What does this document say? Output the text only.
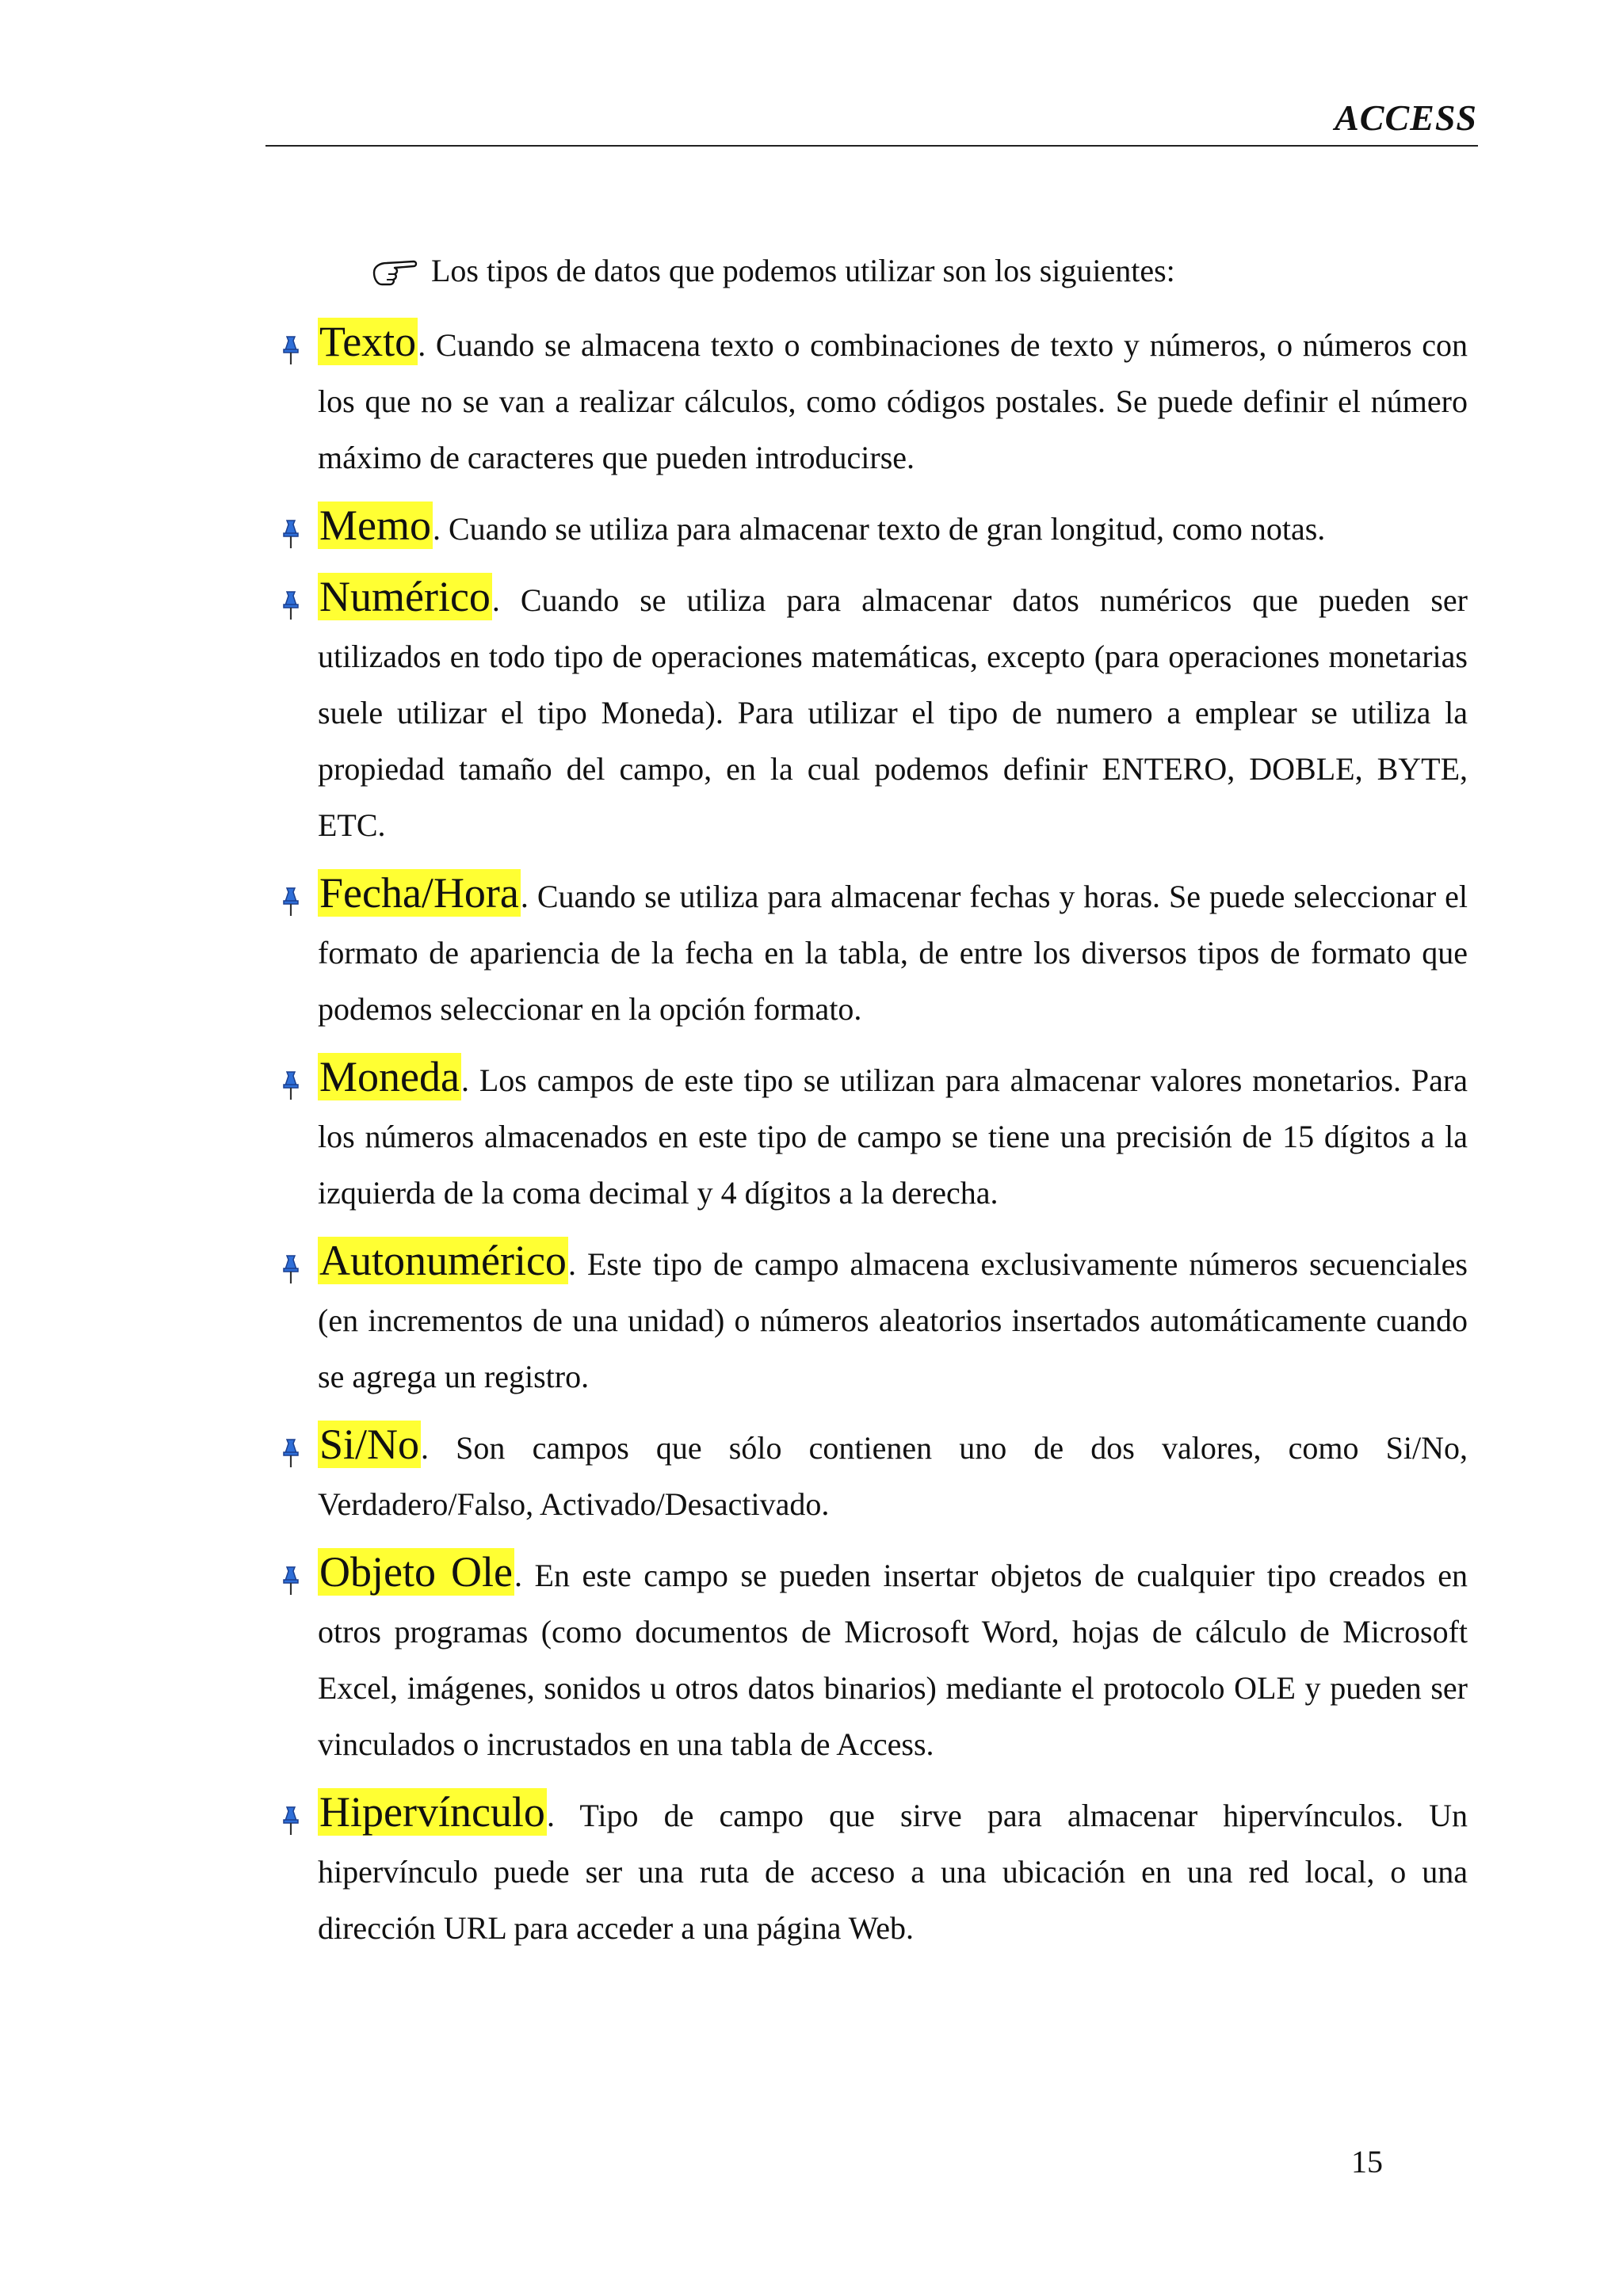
ACCESS
Los tipos de datos que podemos utilizar son los siguientes:
Texto. Cuando se almacena texto o combinaciones de texto y números, o números con los que no se van a realizar cálculos, como códigos postales. Se puede definir el número máximo de caracteres que pueden introducirse.
Memo. Cuando se utiliza para almacenar texto de gran longitud, como notas.
Numérico. Cuando se utiliza para almacenar datos numéricos que pueden ser utilizados en todo tipo de operaciones matemáticas, excepto (para operaciones monetarias suele utilizar el tipo Moneda). Para utilizar el tipo de numero a emplear se utiliza la propiedad tamaño del campo, en la cual podemos definir ENTERO, DOBLE, BYTE, ETC.
Fecha/Hora. Cuando se utiliza para almacenar fechas y horas. Se puede seleccionar el formato de apariencia de la fecha en la tabla, de entre los diversos tipos de formato que podemos seleccionar en la opción formato.
Moneda. Los campos de este tipo se utilizan para almacenar valores monetarios. Para los números almacenados en este tipo de campo se tiene una precisión de 15 dígitos a la izquierda de la coma decimal y 4 dígitos a la derecha.
Autonumérico. Este tipo de campo almacena exclusivamente números secuenciales (en incrementos de una unidad) o números aleatorios insertados automáticamente cuando se agrega un registro.
Si/No. Son campos que sólo contienen uno de dos valores, como Si/No, Verdadero/Falso, Activado/Desactivado.
Objeto Ole. En este campo se pueden insertar objetos de cualquier tipo creados en otros programas (como documentos de Microsoft Word, hojas de cálculo de Microsoft Excel, imágenes, sonidos u otros datos binarios) mediante el protocolo OLE y pueden ser vinculados o incrustados en una tabla de Access.
Hipervínculo. Tipo de campo que sirve para almacenar hipervínculos. Un hipervínculo puede ser una ruta de acceso a una ubicación en una red local, o una dirección URL para acceder a una página Web.
15
